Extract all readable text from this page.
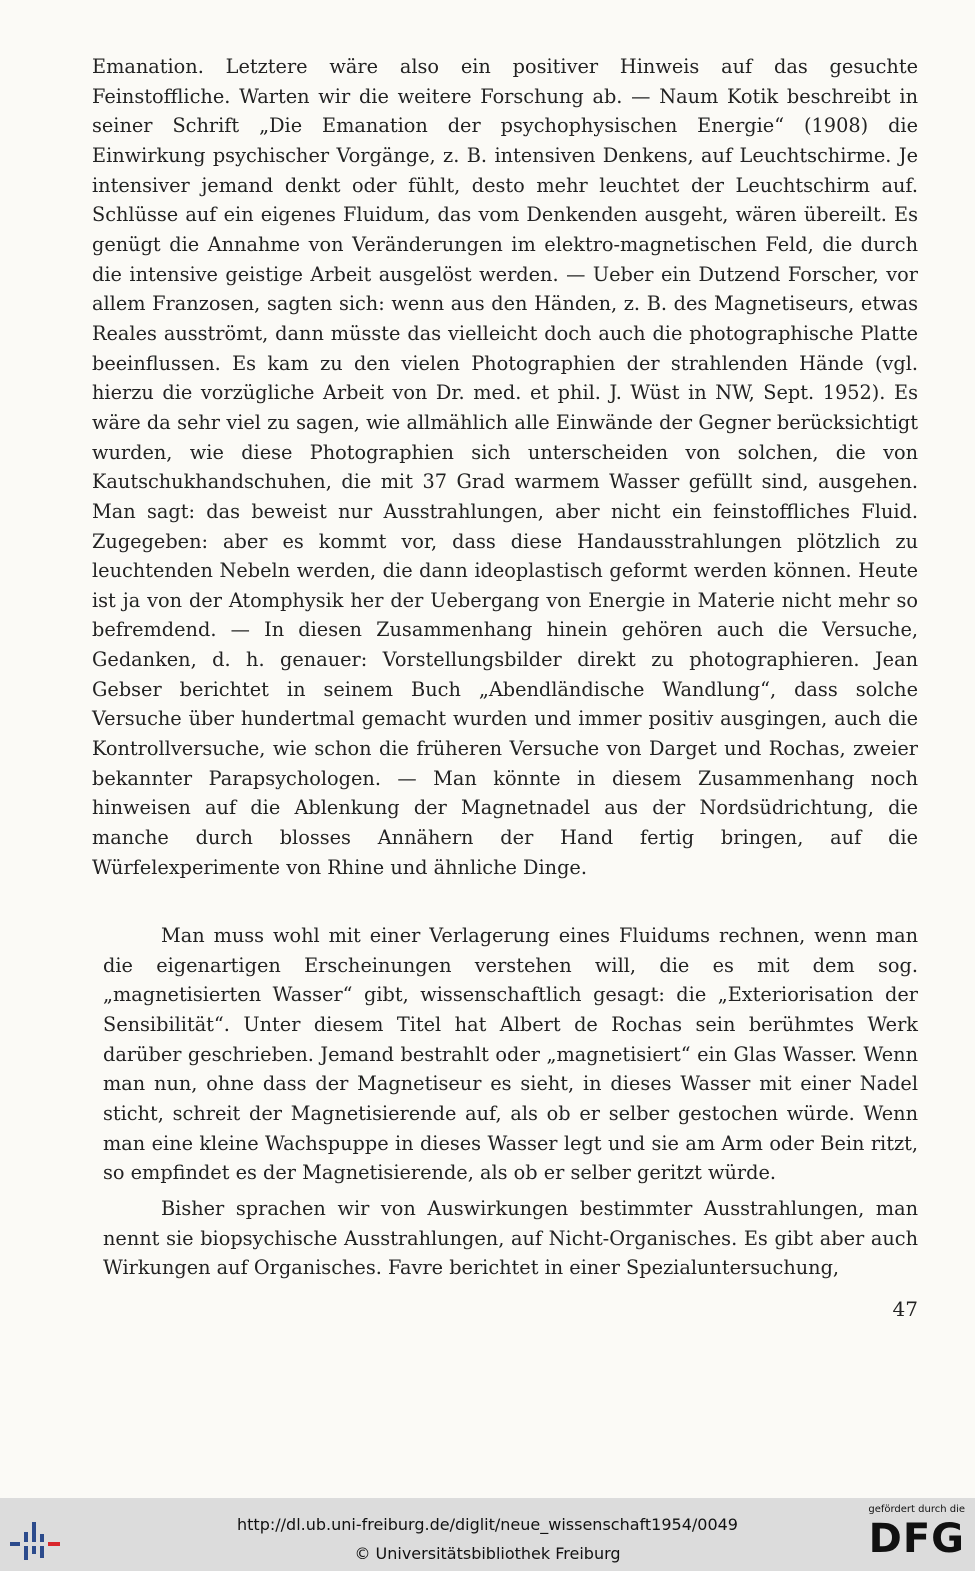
Emanation. Letztere wäre also ein positiver Hinweis auf das gesuchte Feinstoffliche. Warten wir die weitere Forschung ab. — Naum Kotik beschreibt in seiner Schrift „Die Emanation der psychophysischen Energie“ (1908) die Einwirkung psychischer Vorgänge, z. B. intensiven Denkens, auf Leuchtschirme. Je intensiver jemand denkt oder fühlt, desto mehr leuchtet der Leuchtschirm auf. Schlüsse auf ein eigenes Fluidum, das vom Denkenden ausgeht, wären übereilt. Es genügt die Annahme von Veränderungen im elektro-magnetischen Feld, die durch die intensive geistige Arbeit ausgelöst werden. — Ueber ein Dutzend Forscher, vor allem Franzosen, sagten sich: wenn aus den Händen, z. B. des Magnetiseurs, etwas Reales ausströmt, dann müsste das vielleicht doch auch die photographische Platte beeinflussen. Es kam zu den vielen Photographien der strahlenden Hände (vgl. hierzu die vorzügliche Arbeit von Dr. med. et phil. J. Wüst in NW, Sept. 1952). Es wäre da sehr viel zu sagen, wie allmählich alle Einwände der Gegner berücksichtigt wurden, wie diese Photographien sich unterscheiden von solchen, die von Kautschukhandschuhen, die mit 37 Grad warmem Wasser gefüllt sind, ausgehen. Man sagt: das beweist nur Ausstrahlungen, aber nicht ein feinstoffliches Fluid. Zugegeben: aber es kommt vor, dass diese Handausstrahlungen plötzlich zu leuchtenden Nebeln werden, die dann ideoplastisch geformt werden können. Heute ist ja von der Atomphysik her der Uebergang von Energie in Materie nicht mehr so befremdend. — In diesen Zusammenhang hinein gehören auch die Versuche, Gedanken, d. h. genauer: Vorstellungsbilder direkt zu photographieren. Jean Gebser berichtet in seinem Buch „Abendländische Wandlung“, dass solche Versuche über hundertmal gemacht wurden und immer positiv ausgingen, auch die Kontrollversuche, wie schon die früheren Versuche von Darget und Rochas, zweier bekannter Parapsychologen. — Man könnte in diesem Zusammenhang noch hinweisen auf die Ablenkung der Magnetnadel aus der Nordsüdrichtung, die manche durch blosses Annähern der Hand fertig bringen, auf die Würfelexperimente von Rhine und ähnliche Dinge.

Man muss wohl mit einer Verlagerung eines Fluidums rechnen, wenn man die eigenartigen Erscheinungen verstehen will, die es mit dem sog. „magnetisierten Wasser“ gibt, wissenschaftlich gesagt: die „Exteriorisation der Sensibilität“. Unter diesem Titel hat Albert de Rochas sein berühmtes Werk darüber geschrieben. Jemand bestrahlt oder „magnetisiert“ ein Glas Wasser. Wenn man nun, ohne dass der Magnetiseur es sieht, in dieses Wasser mit einer Nadel sticht, schreit der Magnetisierende auf, als ob er selber gestochen würde. Wenn man eine kleine Wachspuppe in dieses Wasser legt und sie am Arm oder Bein ritzt, so empfindet es der Magnetisierende, als ob er selber geritzt würde.

Bisher sprachen wir von Auswirkungen bestimmter Ausstrahlungen, man nennt sie biopsychische Ausstrahlungen, auf Nicht-Organisches. Es gibt aber auch Wirkungen auf Organisches. Favre berichtet in einer Spezialuntersuchung,

47
http://dl.ub.uni-freiburg.de/diglit/neue_wissenschaft1954/0049
© Universitätsbibliothek Freiburg
gefördert durch die
DFG
